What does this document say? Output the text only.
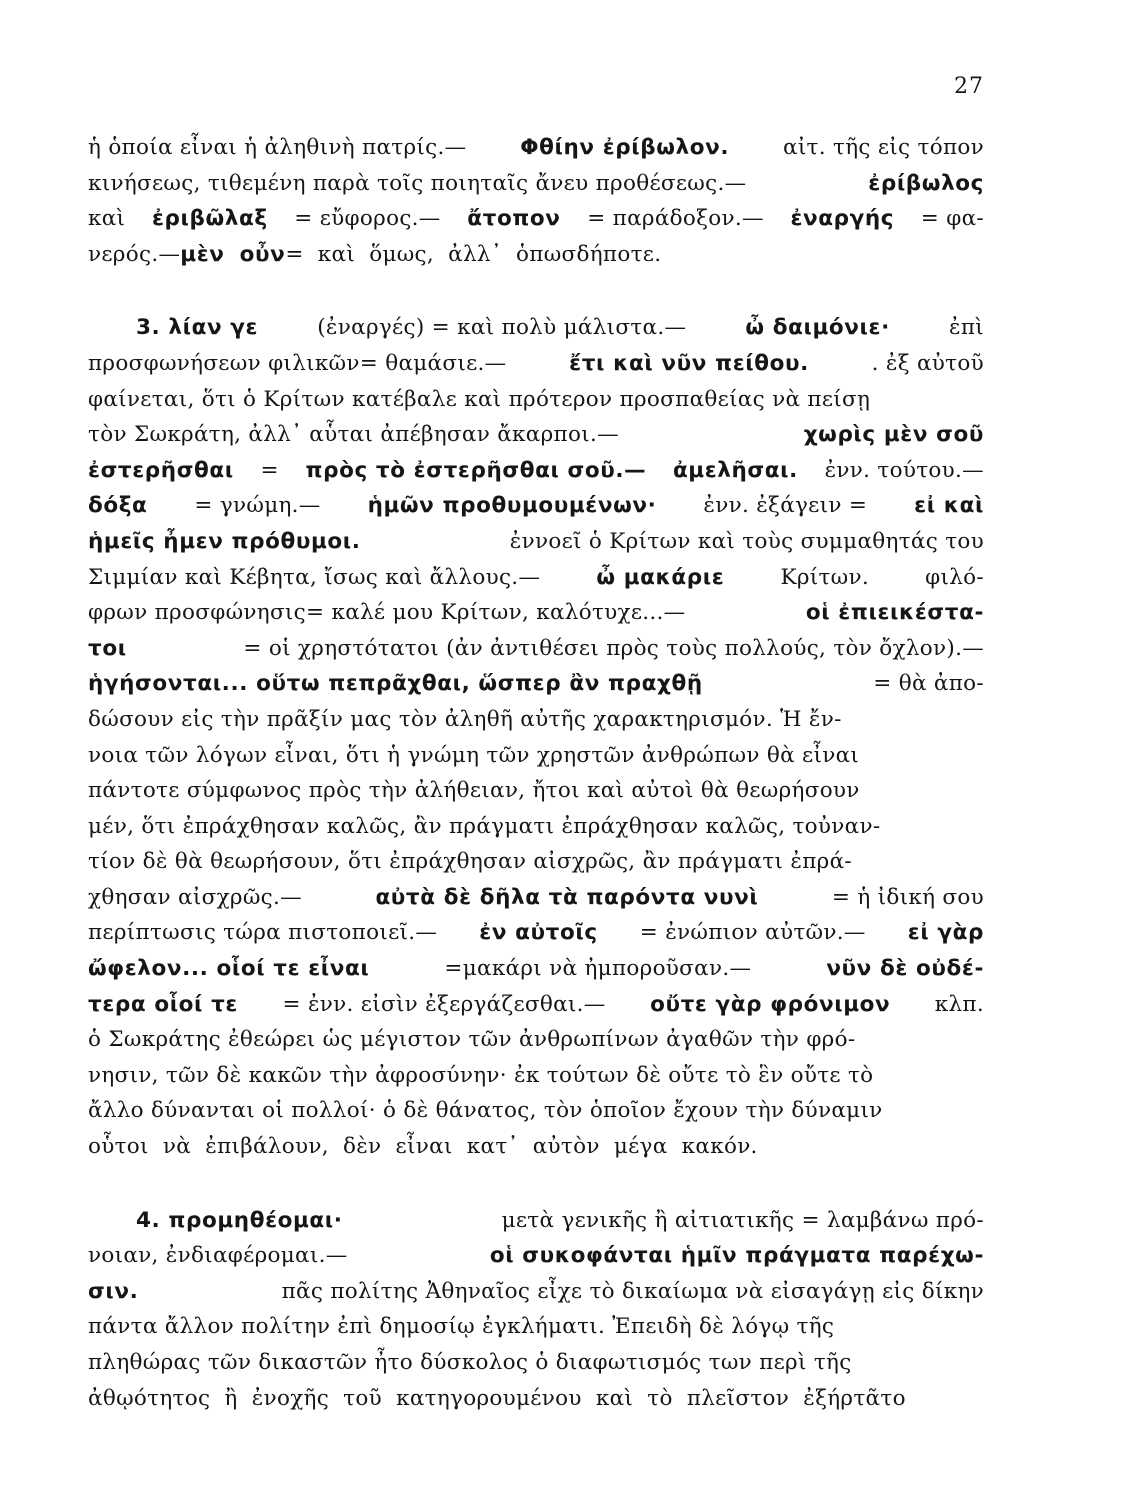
27
ἡ ὁποία εἶναι ἡ ἀληθινὴ πατρίς.—	Φθίην ἐρίβωλον.	αἰτ. τῆς εἰς τόπον
κινήσεως, τιθεμένη παρὰ τοῖς ποιηταῖς ἄνευ προθέσεως.—	ἐρίβωλος
καὶ ἐριβῶλαξ = εὔφορος.— ἄτοπον = παράδοξον.— ἐναργής = φα-
νερός.— μὲν οὖν = καὶ ὅμως, ἀλλ᾽ ὁπωσδήποτε.
3. λίαν γε	(ἐναργές) = καὶ πολὺ μάλιστα.—	ὦ δαιμόνιε·	ἐπὶ
προσφωνήσεων φιλικῶν= θαμάσιε.—	ἔτι καὶ νῦν πείθου.	. ἐξ αὐτοῦ
φαίνεται, ὅτι ὁ Κρίτων κατέβαλε καὶ πρότερον προσπαθείας νὰ πείσῃ
τὸν Σωκράτη, ἀλλ᾽ αὗται ἀπέβησαν ἄκαρποι.—	χωρὶς μὲν σοῦ
ἐστερῆσθαι = πρὸς τὸ ἐστερῆσθαι σοῦ.— ἀμελῆσαι. ἐνν. τούτου.—
δόξα = γνώμη.— ἡμῶν προθυμουμένων· ἐνν. ἐξάγειν = εἰ καὶ
ἡμεῖς ἦμεν πρόθυμοι.	ἐννοεῖ ὁ Κρίτων καὶ τοὺς συμμαθητάς του
Σιμμίαν καὶ Κέβητα, ἴσως καὶ ἄλλους.—	ὦ μακάριε	Κρίτων.	φιλό-
φρων προσφώνησις= καλέ μου Κρίτων, καλότυχε...—	οἱ ἐπιεικέστα-
τοι	= οἱ χρηστότατοι (ἀν ἀντιθέσει πρὸς τοὺς πολλούς, τὸν ὄχλον).—
ἡγήσονται... οὕτω πεπρᾶχθαι, ὥσπερ ἂν πραχθῇ	= θὰ ἀπο-
δώσουν εἰς τὴν πρᾶξίν μας τὸν ἀληθῆ αὐτῆς χαρακτηρισμόν. Ἡ ἔν-
νοια τῶν λόγων εἶναι, ὅτι ἡ γνώμη τῶν χρηστῶν ἀνθρώπων θὰ εἶναι
πάντοτε σύμφωνος πρὸς τὴν ἀλήθειαν, ἤτοι καὶ αὐτοὶ θὰ θεωρήσουν
μέν, ὅτι ἐπράχθησαν καλῶς, ἂν πράγματι ἐπράχθησαν καλῶς, τοὐναν-
τίον δὲ θὰ θεωρήσουν, ὅτι ἐπράχθησαν αἰσχρῶς, ἂν πράγματι ἐπρά-
χθησαν αἰσχρῶς.—	αὐτὰ δὲ δῆλα τὰ παρόντα νυνὶ	= ἡ ἰδική σου
περίπτωσις τώρα πιστοποιεῖ.— ἐν αὐτοῖς = ἐνώπιον αὐτῶν.— εἰ γὰρ
ὤφελον... οἷοί τε εἶναι	=μακάρι νὰ ἠμποροῦσαν.—	νῦν δὲ οὐδέ-
τερα οἷοί τε = ἐνν. εἰσὶν ἐξεργάζεσθαι.— οὔτε γὰρ φρόνιμον κλπ.
ὁ Σωκράτης ἐθεώρει ὡς μέγιστον τῶν ἀνθρωπίνων ἀγαθῶν τὴν φρό-
νησιν, τῶν δὲ κακῶν τὴν ἀφροσύνην· ἐκ τούτων δὲ οὔτε τὸ ἓν οὔτε τὸ
ἄλλο δύνανται οἱ πολλοί· ὁ δὲ θάνατος, τὸν ὁποῖον ἔχουν τὴν δύναμιν
οὗτοι νὰ ἐπιβάλουν, δὲν εἶναι κατ᾽ αὐτὸν μέγα κακόν.
4. προμηθέομαι·	μετὰ γενικῆς ἢ αἰτιατικῆς = λαμβάνω πρό-
νοιαν, ἐνδιαφέρομαι.—	οἱ συκοφάνται ἡμῖν πράγματα παρέχω-
σιν.	πᾶς πολίτης Ἀθηναῖος εἶχε τὸ δικαίωμα νὰ εἰσαγάγῃ εἰς δίκην
πάντα ἄλλον πολίτην ἐπὶ δημοσίῳ ἐγκλήματι. Ἐπειδὴ δὲ λόγῳ τῆς
πληθώρας τῶν δικαστῶν ἦτο δύσκολος ὁ διαφωτισμός των περὶ τῆς
ἀθῳότητος ἢ ἐνοχῆς τοῦ κατηγορουμένου καὶ τὸ πλεῖστον ἐξήρτᾶτο
